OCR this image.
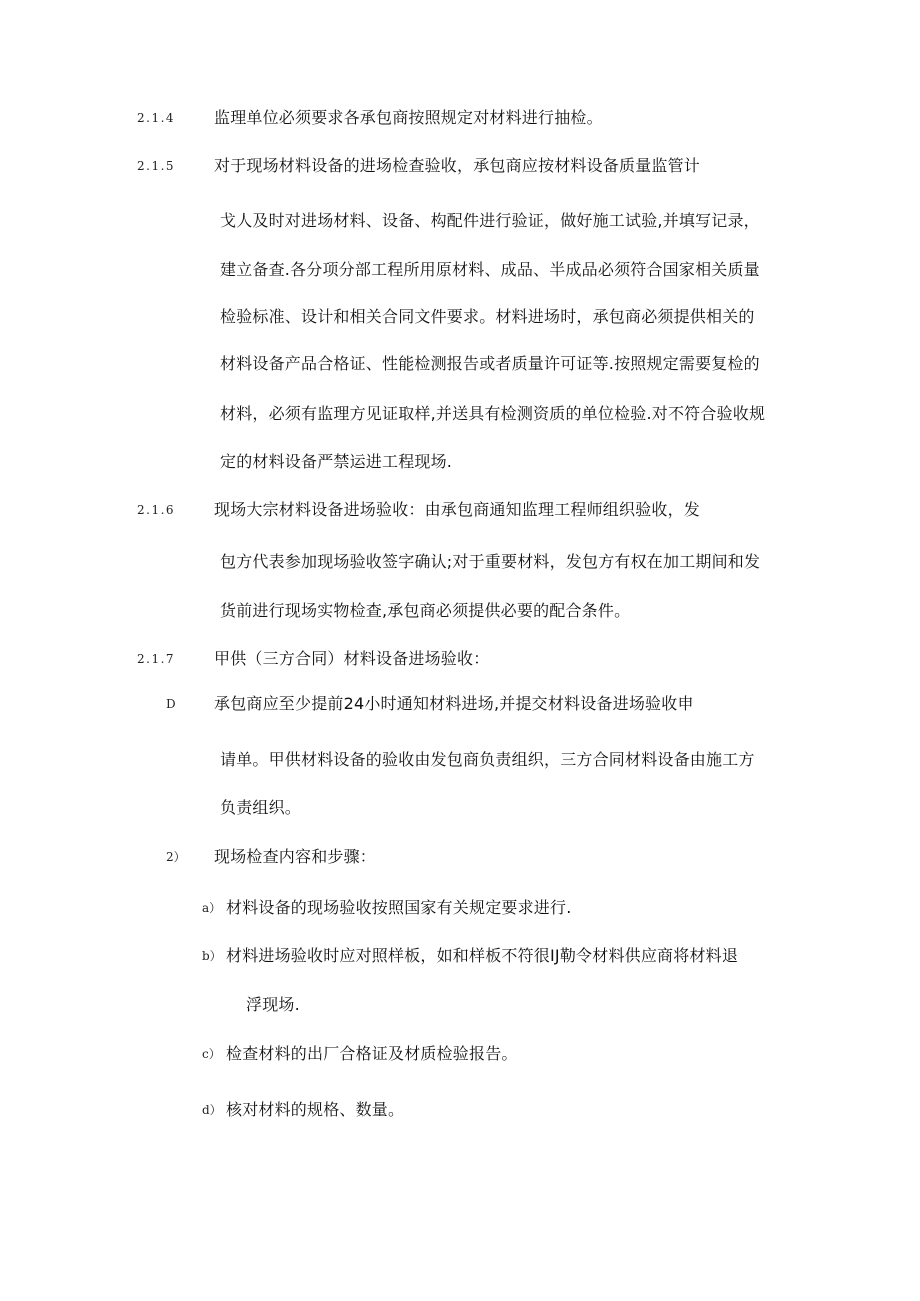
2.1.4 监理单位必须要求各承包商按照规定对材料进行抽检。
2.1.5 对于现场材料设备的进场检查验收，承包商应按材料设备质量监管计
戈人及时对进场材料、设备、构配件进行验证，做好施工试验,并填写记录，
建立备查.各分项分部工程所用原材料、成品、半成品必须符合国家相关质量
检验标准、设计和相关合同文件要求。材料进场时，承包商必须提供相关的
材料设备产品合格证、性能检测报告或者质量许可证等.按照规定需要复检的
材料，必须有监理方见证取样,并送具有检测资质的单位检验.对不符合验收规
定的材料设备严禁运进工程现场.
2.1.6 现场大宗材料设备进场验收：由承包商通知监理工程师组织验收，发
包方代表参加现场验收签字确认;对于重要材料，发包方有权在加工期间和发
货前进行现场实物检查,承包商必须提供必要的配合条件。
2.1.7 甲供（三方合同）材料设备进场验收：
D 承包商应至少提前24小时通知材料进场,并提交材料设备进场验收申
请单。甲供材料设备的验收由发包商负责组织，三方合同材料设备由施工方
负责组织。
2） 现场检查内容和步骤：
a） 材料设备的现场验收按照国家有关规定要求进行.
b） 材料进场验收时应对照样板，如和样板不符很IJ勒令材料供应商将材料退
浮现场.
c） 检查材料的出厂合格证及材质检验报告。
d） 核对材料的规格、数量。
